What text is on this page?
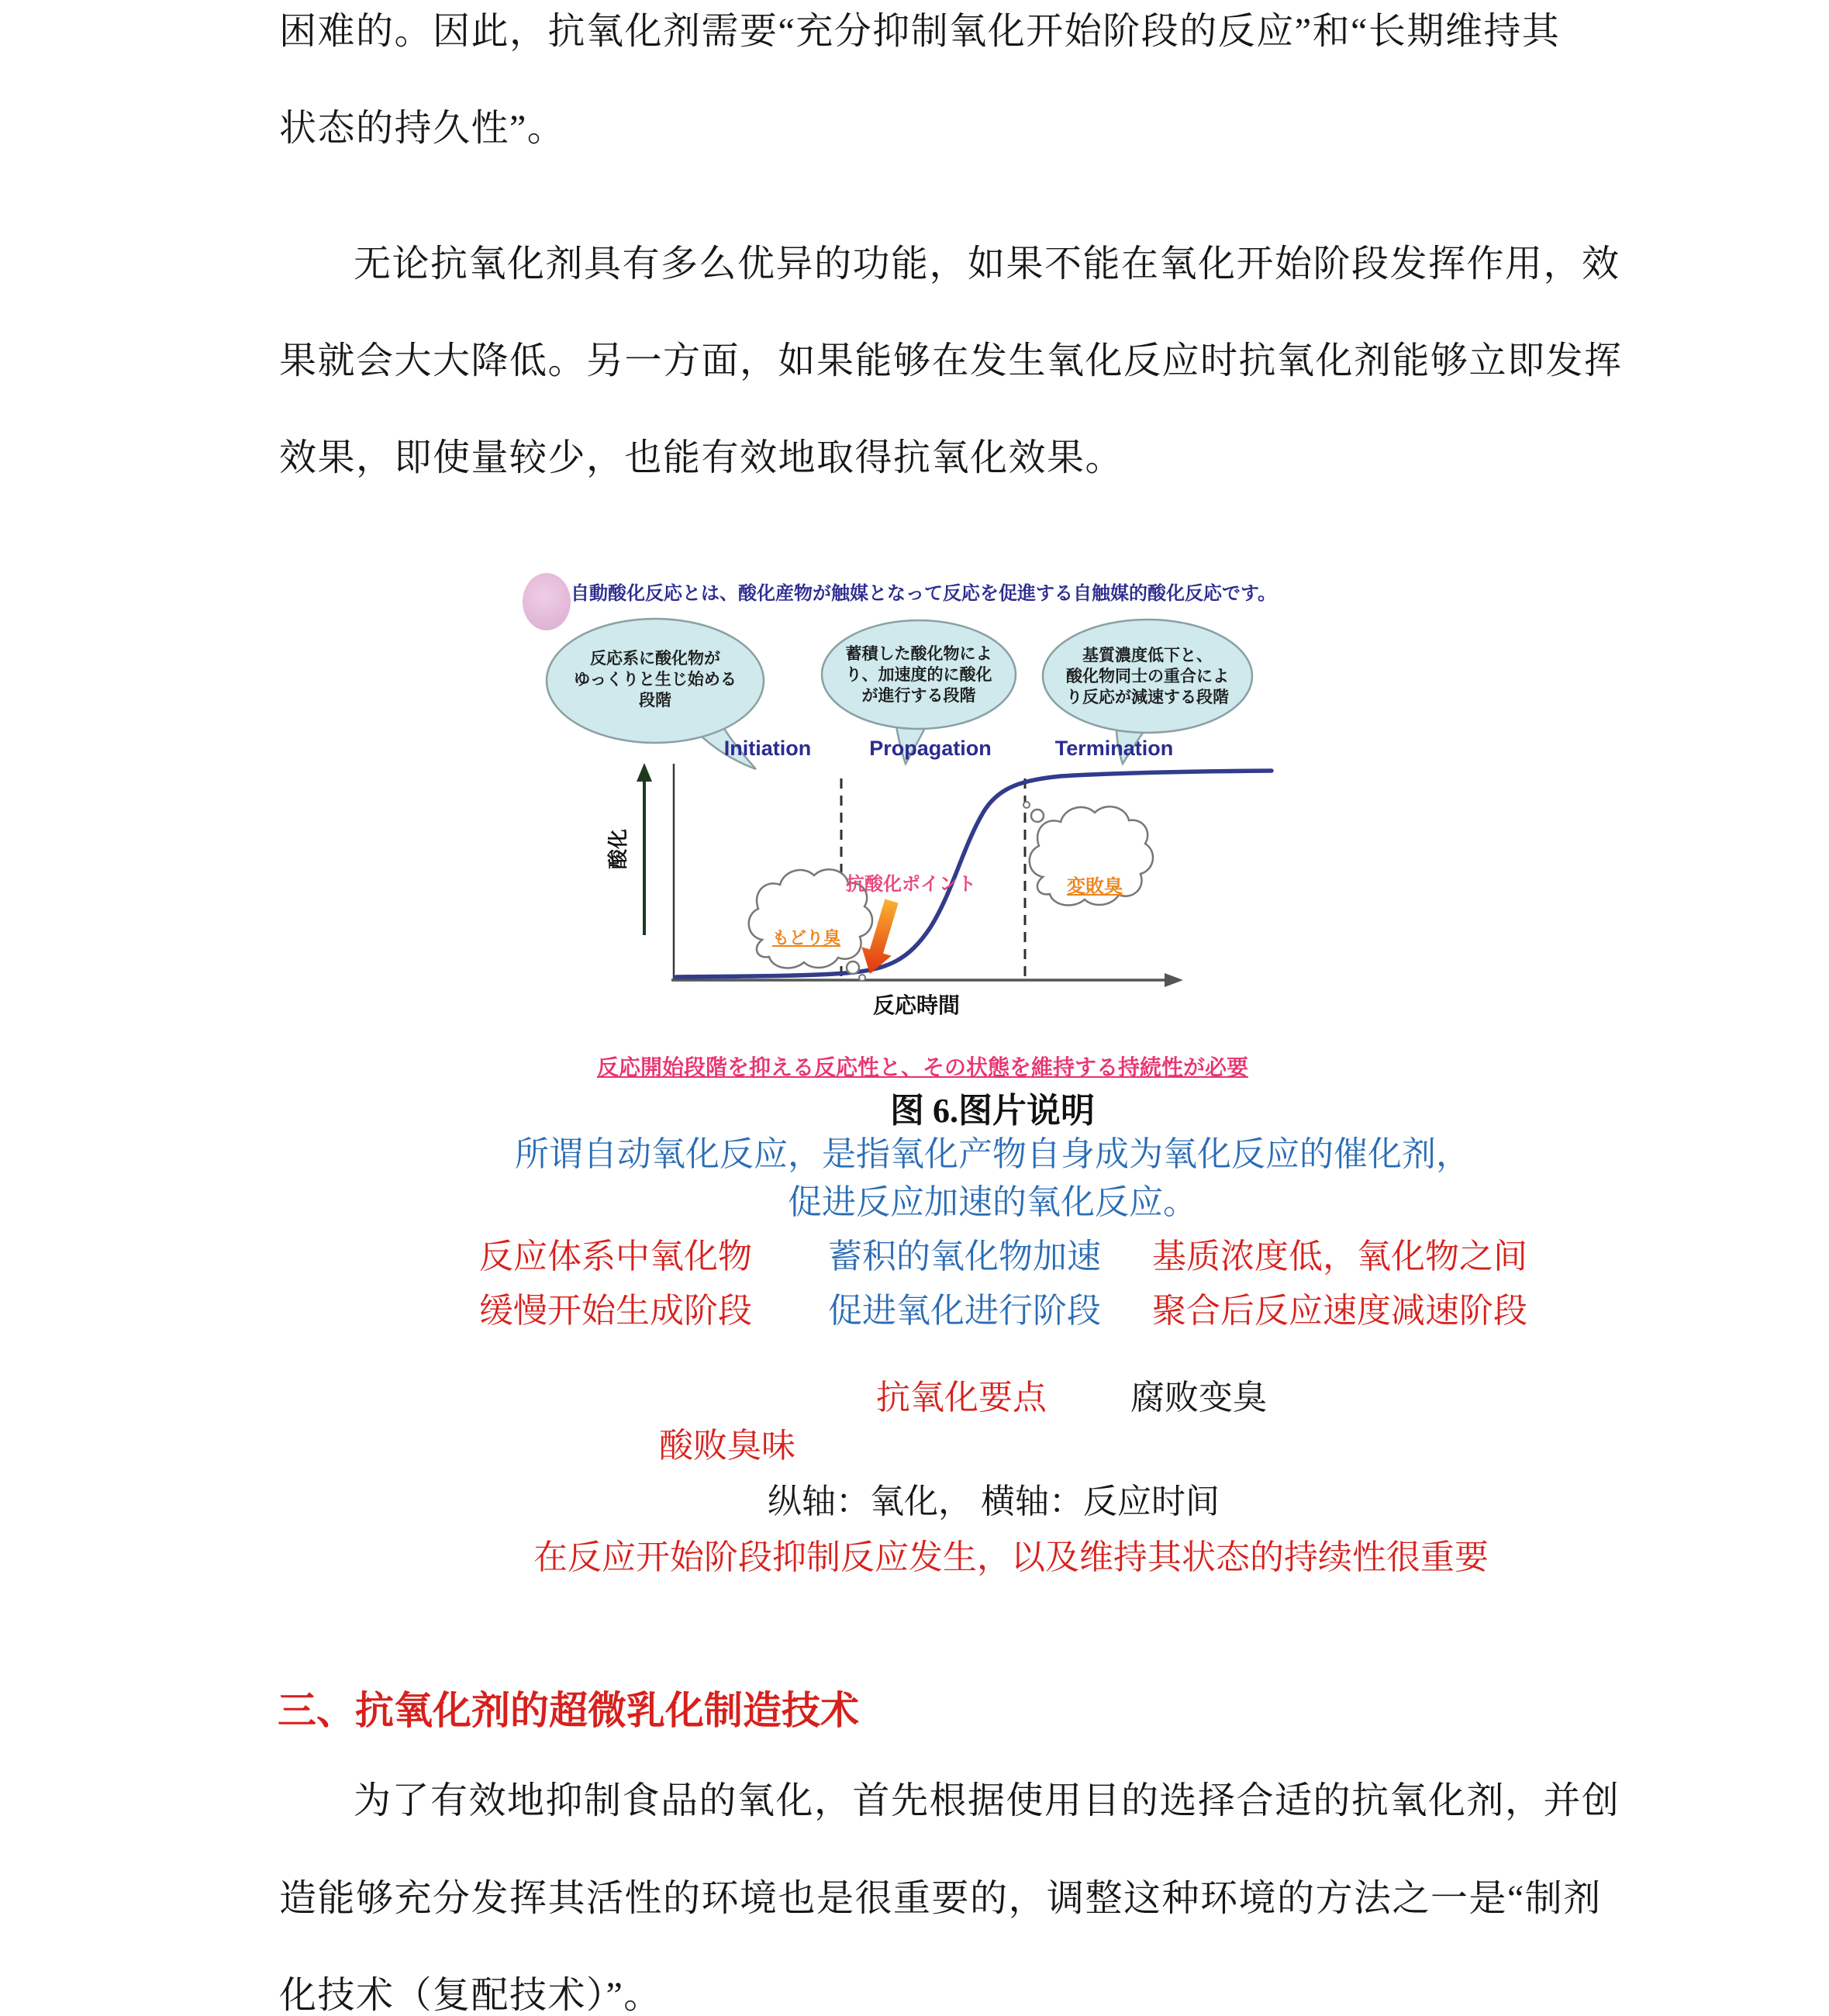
困难的。因此，抗氧化剂需要“充分抑制氧化开始阶段的反应”和“长期维持其
状态的持久性”。
无论抗氧化剂具有多么优异的功能，如果不能在氧化开始阶段发挥作用，效
果就会大大降低。另一方面，如果能够在发生氧化反应时抗氧化剂能够立即发挥
效果，即使量较少，也能有效地取得抗氧化效果。
自動酸化反応とは、酸化産物が触媒となって反応を促進する自触媒的酸化反応です。
反応系に酸化物が
ゆっくりと生じ始める
段階
蓄積した酸化物によ
り、加速度的に酸化
が進行する段階
基質濃度低下と、
酸化物同士の重合によ
り反応が減速する段階
Initiation	Propagation	Termination
酸化
反応時間
抗酸化ポイント
もどり臭
変敗臭
反応開始段階を抑える反応性と、その状態を維持する持続性が必要
图 6.图片说明
所谓自动氧化反应，是指氧化产物自身成为氧化反应的催化剂，
促进反应加速的氧化反应。
反应体系中氧化物 蓄积的氧化物加速 基质浓度低，氧化物之间
缓慢开始生成阶段 促进氧化进行阶段 聚合后反应速度减速阶段
抗氧化要点 腐败变臭
酸败臭味
纵轴：氧化， 横轴：反应时间
在反应开始阶段抑制反应发生，以及维持其状态的持续性很重要
三、抗氧化剂的超微乳化制造技术
为了有效地抑制食品的氧化，首先根据使用目的选择合适的抗氧化剂，并创
造能够充分发挥其活性的环境也是很重要的，调整这种环境的方法之一是“制剂
化技术（复配技术）”。
